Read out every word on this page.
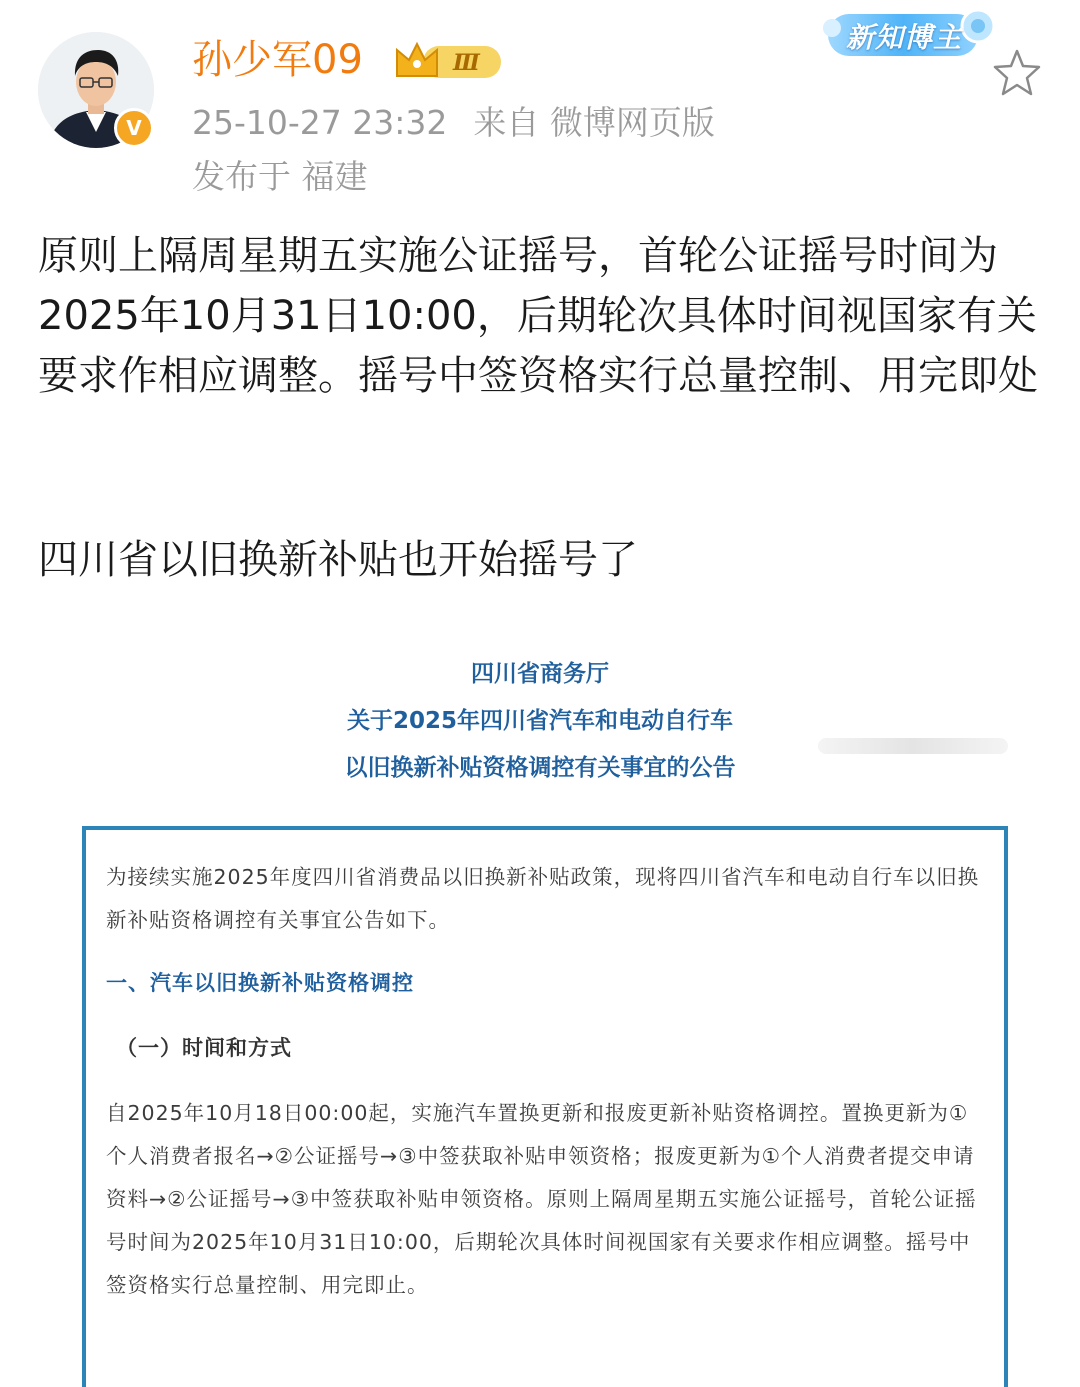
V
孙少军09	Ⅲ
新知博主
25-10-27 23:32 来自 微博网页版
发布于 福建
原则上隔周星期五实施公证摇号，首轮公证摇号时间为2025年10月31日10:00，后期轮次具体时间视国家有关要求作相应调整。摇号中签资格实行总量控制、用完即处
四川省以旧换新补贴也开始摇号了
四川省商务厅
关于2025年四川省汽车和电动自行车
以旧换新补贴资格调控有关事宜的公告
为接续实施2025年度四川省消费品以旧换新补贴政策，现将四川省汽车和电动自行车以旧换新补贴资格调控有关事宜公告如下。
一、汽车以旧换新补贴资格调控
（一）时间和方式
自2025年10月18日00:00起，实施汽车置换更新和报废更新补贴资格调控。置换更新为①个人消费者报名→②公证摇号→③中签获取补贴申领资格；报废更新为①个人消费者提交申请资料→②公证摇号→③中签获取补贴申领资格。原则上隔周星期五实施公证摇号，首轮公证摇号时间为2025年10月31日10:00，后期轮次具体时间视国家有关要求作相应调整。摇号中签资格实行总量控制、用完即止。
